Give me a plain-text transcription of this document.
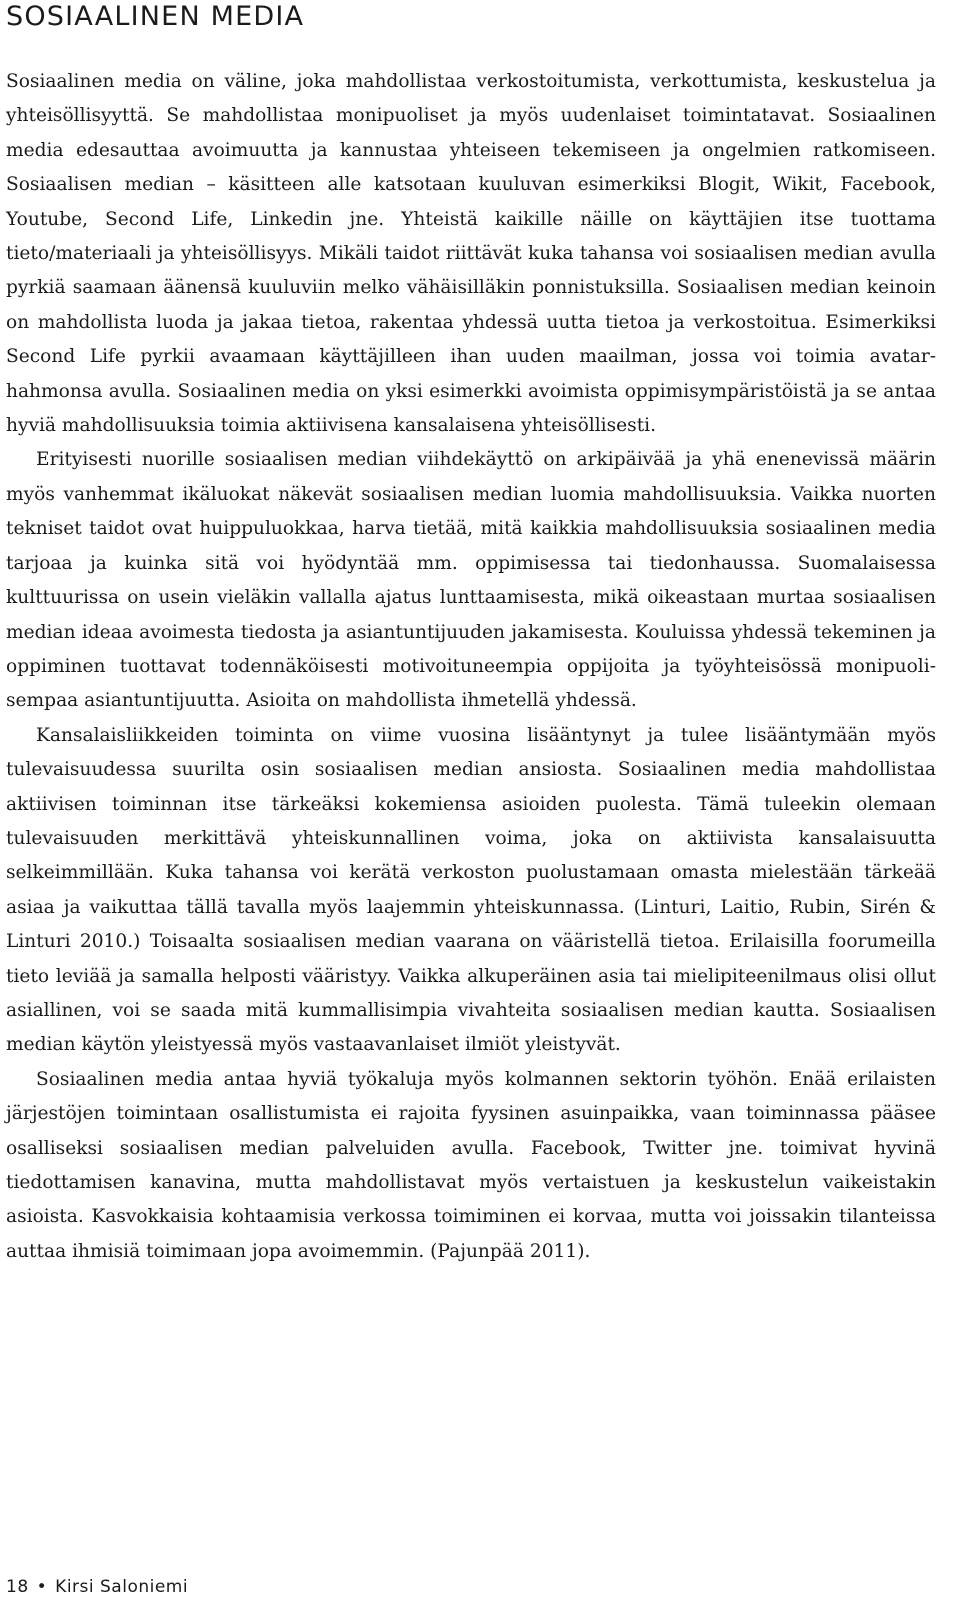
SOSIAALINEN MEDIA

Sosiaalinen media on väline, joka mahdollistaa verkostoitumista, verkottumista, keskustelua ja yhteisöllisyyttä. Se mahdollistaa monipuoliset ja myös uudenlaiset toimintatavat. Sosiaalinen media edesauttaa avoimuutta ja kannustaa yhteiseen tekemiseen ja ongelmien ratkomiseen. Sosiaalisen median – käsitteen alle katsotaan kuuluvan esimerkiksi Blogit, Wikit, Facebook, Youtube, Second Life, Linkedin jne. Yhteistä kaikille näille on käyttäjien itse tuottama tieto/materiaali ja yhteisöllisyys. Mikäli taidot riittävät kuka tahansa voi sosiaalisen median avulla pyrkiä saamaan äänensä kuuluviin melko vähäisilläkin ponnistuksilla. Sosiaalisen median keinoin on mahdollista luoda ja jakaa tietoa, rakentaa yhdessä uutta tietoa ja verkostoitua. Esimerkiksi Second Life pyrkii avaamaan käyttäjilleen ihan uuden maailman, jossa voi toimia avatar-hahmonsa avulla. Sosiaalinen media on yksi esimerkki avoimista oppimisympäristöistä ja se antaa hyviä mahdollisuuksia toimia aktiivisena kansalaisena yhteisöllisesti.

Erityisesti nuorille sosiaalisen median viihdekäyttö on arkipäivää ja yhä enenevissä määrin myös vanhemmat ikäluokat näkevät sosiaalisen median luomia mahdollisuuksia. Vaikka nuorten tekniset taidot ovat huippuluokkaa, harva tietää, mitä kaikkia mahdollisuuksia sosiaalinen media tarjoaa ja kuinka sitä voi hyödyntää mm. oppimisessa tai tiedonhaussa. Suomalaisessa kulttuurissa on usein vieläkin vallalla ajatus lunttaamisesta, mikä oikeastaan murtaa sosiaalisen median ideaa avoimesta tiedosta ja asiantuntijuuden jakamisesta. Kouluissa yhdessä tekeminen ja oppiminen tuottavat todennäköisesti motivoituneempia oppijoita ja työyhteisössä monipuolisempaa asiantuntijuutta. Asioita on mahdollista ihmetellä yhdessä.

Kansalaisliikkeiden toiminta on viime vuosina lisääntynyt ja tulee lisääntymään myös tulevaisuudessa suurilta osin sosiaalisen median ansiosta. Sosiaalinen media mahdollistaa aktiivisen toiminnan itse tärkeäksi kokemiensa asioiden puolesta. Tämä tuleekin olemaan tulevaisuuden merkittävä yhteiskunnallinen voima, joka on aktiivista kansalaisuutta selkeimmillään. Kuka tahansa voi kerätä verkoston puolustamaan omasta mielestään tärkeää asiaa ja vaikuttaa tällä tavalla myös laajemmin yhteiskunnassa. (Linturi, Laitio, Rubin, Sirén & Linturi 2010.) Toisaalta sosiaalisen median vaarana on vääristellä tietoa. Erilaisilla foorumeilla tieto leviää ja samalla helposti vääristyy. Vaikka alkuperäinen asia tai mielipiteenilmaus olisi ollut asiallinen, voi se saada mitä kummallisimpia vivahteita sosiaalisen median kautta. Sosiaalisen median käytön yleistyessä myös vastaavanlaiset ilmiöt yleistyvät.

Sosiaalinen media antaa hyviä työkaluja myös kolmannen sektorin työhön. Enää erilaisten järjestöjen toimintaan osallistumista ei rajoita fyysinen asuinpaikka, vaan toiminnassa pääsee osalliseksi sosiaalisen median palveluiden avulla. Facebook, Twitter jne. toimivat hyvinä tiedottamisen kanavina, mutta mahdollistavat myös vertaistuen ja keskustelun vaikeistakin asioista. Kasvokkaisia kohtaamisia verkossa toimiminen ei korvaa, mutta voi joissakin tilanteissa auttaa ihmisiä toimimaan jopa avoimemmin. (Pajunpää 2011).

18 • Kirsi Saloniemi
